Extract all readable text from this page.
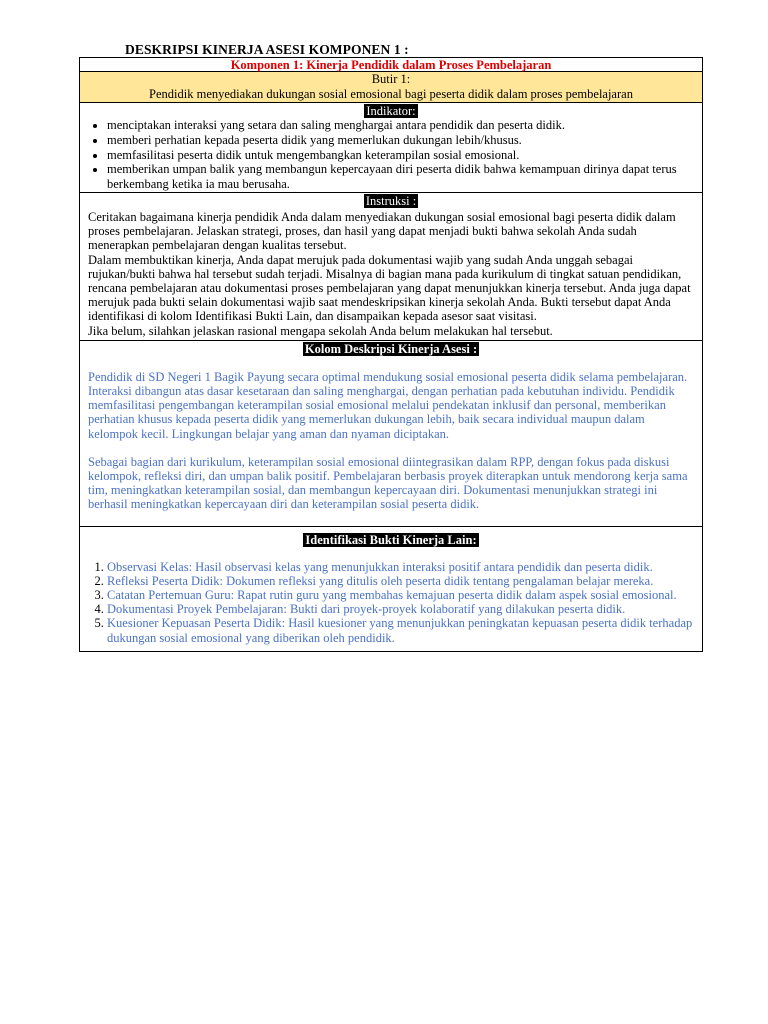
DESKRIPSI KINERJA ASESI KOMPONEN 1 :
Komponen 1: Kinerja Pendidik dalam Proses Pembelajaran
Butir 1:
Pendidik menyediakan dukungan sosial emosional bagi peserta didik dalam proses pembelajaran
Indikator:
• menciptakan interaksi yang setara dan saling menghargai antara pendidik dan peserta didik.
• memberi perhatian kepada peserta didik yang memerlukan dukungan lebih/khusus.
• memfasilitasi peserta didik untuk mengembangkan keterampilan sosial emosional.
• memberikan umpan balik yang membangun kepercayaan diri peserta didik bahwa kemampuan dirinya dapat terus berkembang ketika ia mau berusaha.
Instruksi :

Ceritakan bagaimana kinerja pendidik Anda dalam menyediakan dukungan sosial emosional bagi peserta didik dalam proses pembelajaran. Jelaskan strategi, proses, dan hasil yang dapat menjadi bukti bahwa sekolah Anda sudah menerapkan pembelajaran dengan kualitas tersebut.

Dalam membuktikan kinerja, Anda dapat merujuk pada dokumentasi wajib yang sudah Anda unggah sebagai rujukan/bukti bahwa hal tersebut sudah terjadi. Misalnya di bagian mana pada kurikulum di tingkat satuan pendidikan, rencana pembelajaran atau dokumentasi proses pembelajaran yang dapat menunjukkan kinerja tersebut. Anda juga dapat merujuk pada bukti selain dokumentasi wajib saat mendeskripsikan kinerja sekolah Anda. Bukti tersebut dapat Anda identifikasi di kolom Identifikasi Bukti Lain, dan disampaikan kepada asesor saat visitasi.

Jika belum, silahkan jelaskan rasional mengapa sekolah Anda belum melakukan hal tersebut.

Kolom Deskripsi Kinerja Asesi :

Pendidik di SD Negeri 1 Bagik Payung secara optimal mendukung sosial emosional peserta didik selama pembelajaran. Interaksi dibangun atas dasar kesetaraan dan saling menghargai, dengan perhatian pada kebutuhan individu. Pendidik memfasilitasi pengembangan keterampilan sosial emosional melalui pendekatan inklusif dan personal, memberikan perhatian khusus kepada peserta didik yang memerlukan dukungan lebih, baik secara individual maupun dalam kelompok kecil. Lingkungan belajar yang aman dan nyaman diciptakan.

Sebagai bagian dari kurikulum, keterampilan sosial emosional diintegrasikan dalam RPP, dengan fokus pada diskusi kelompok, refleksi diri, dan umpan balik positif. Pembelajaran berbasis proyek diterapkan untuk mendorong kerja sama tim, meningkatkan keterampilan sosial, dan membangun kepercayaan diri. Dokumentasi menunjukkan strategi ini berhasil meningkatkan kepercayaan diri dan keterampilan sosial peserta didik.

Identifikasi Bukti Kinerja Lain:
1. Observasi Kelas: Hasil observasi kelas yang menunjukkan interaksi positif antara pendidik dan peserta didik.
2. Refleksi Peserta Didik: Dokumen refleksi yang ditulis oleh peserta didik tentang pengalaman belajar mereka.
3. Catatan Pertemuan Guru: Rapat rutin guru yang membahas kemajuan peserta didik dalam aspek sosial emosional.
4. Dokumentasi Proyek Pembelajaran: Bukti dari proyek-proyek kolaboratif yang dilakukan peserta didik.
5. Kuesioner Kepuasan Peserta Didik: Hasil kuesioner yang menunjukkan peningkatan kepuasan peserta didik terhadap dukungan sosial emosional yang diberikan oleh pendidik.
